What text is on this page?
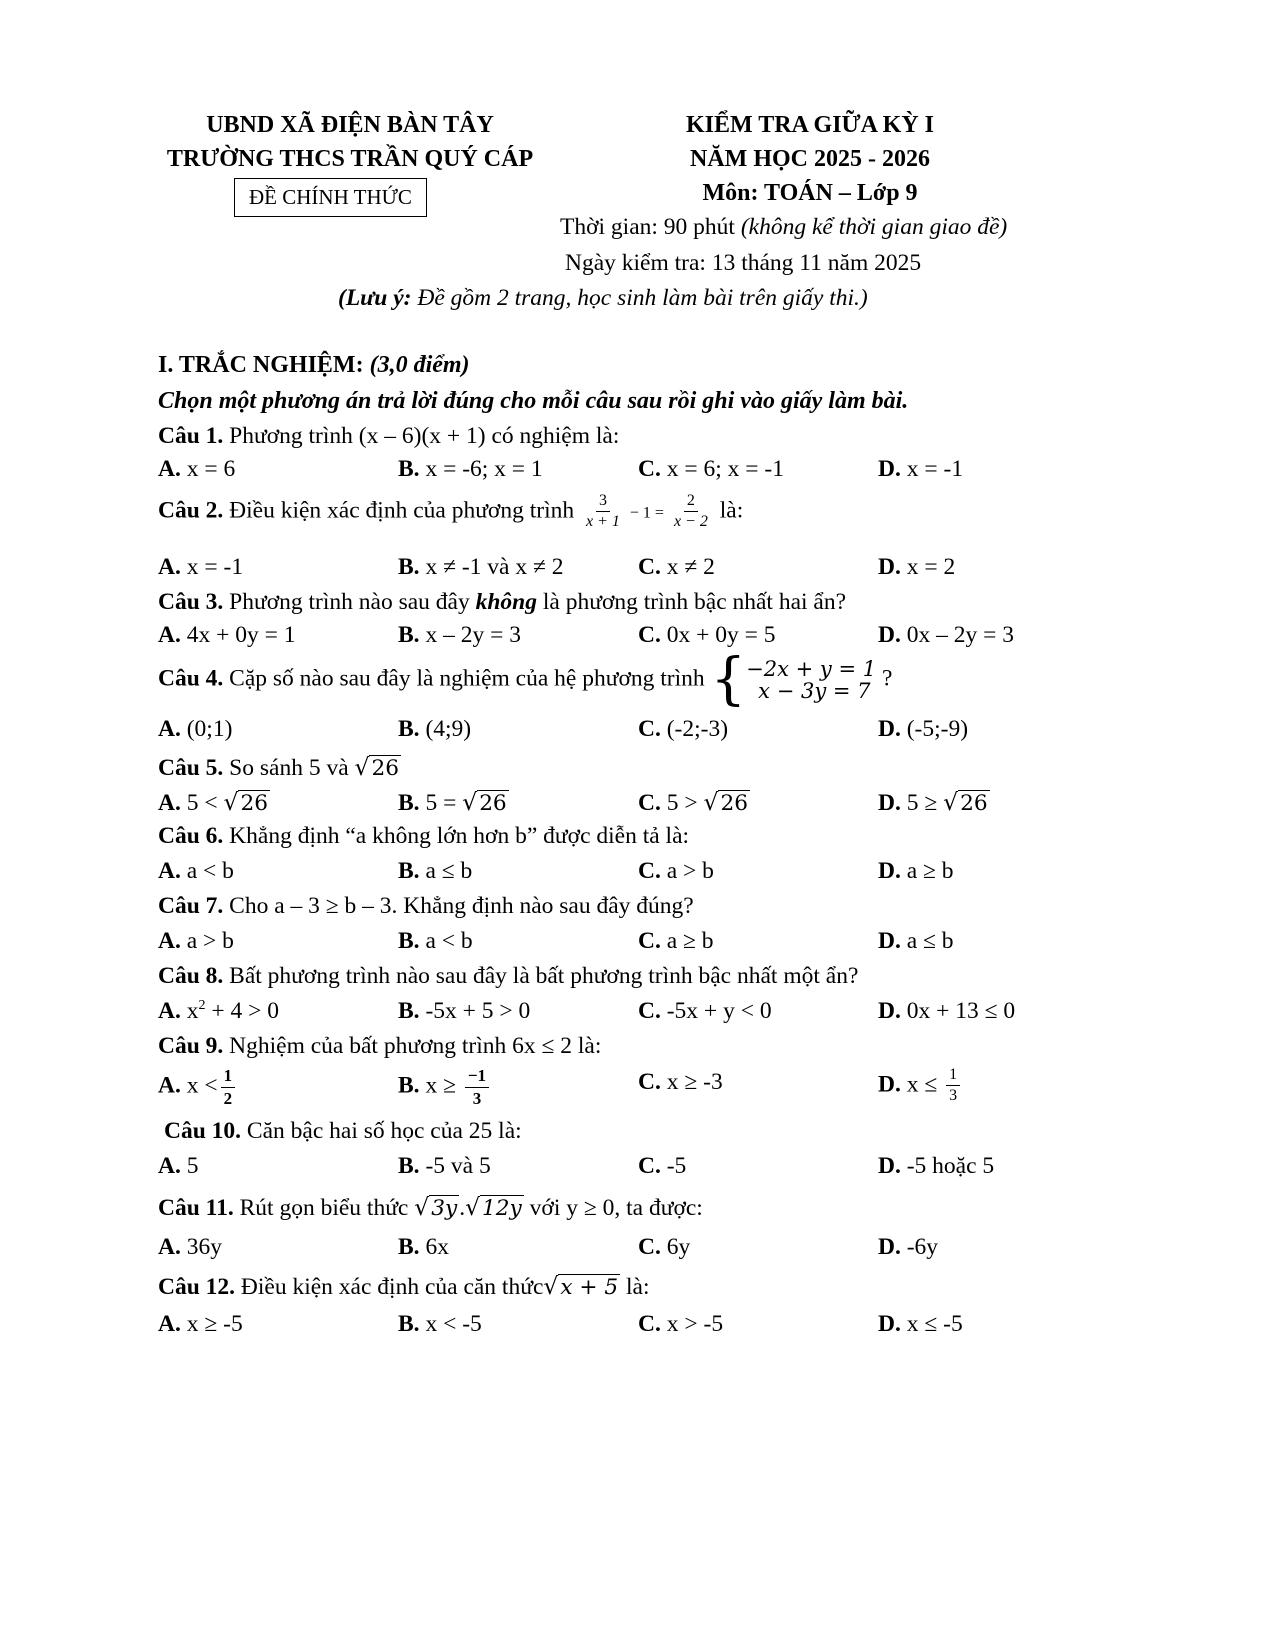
UBND XÃ ĐIỆN BÀN TÂY
TRƯỜNG THCS TRẦN QUÝ CÁP
ĐỀ CHÍNH THỨC
KIỂM TRA GIỮA KỲ I
NĂM HỌC 2025 - 2026
Môn: TOÁN – Lớp 9
Thời gian: 90 phút (không kể thời gian giao đề)
Ngày kiểm tra: 13 tháng 11 năm 2025
(Lưu ý: Đề gồm 2 trang, học sinh làm bài trên giấy thi.)
I. TRẮC NGHIỆM: (3,0 điểm)
Chọn một phương án trả lời đúng cho mỗi câu sau rồi ghi vào giấy làm bài.
Câu 1. Phương trình (x – 6)(x + 1) có nghiệm là:
A. x = 6	B. x = -6; x = 1	C. x = 6; x = -1	D. x = -1
Câu 2. Điều kiện xác định của phương trình $\frac{3}{x + 1} - 1 = \frac{2}{x - 2}$ là:
A. x = -1	B. x ≠ -1 và x ≠ 2	C. x ≠ 2	D. x = 2
Câu 3. Phương trình nào sau đây không là phương trình bậc nhất hai ẩn?
A. 4x + 0y = 1	B. x – 2y = 3	C. 0x + 0y = 5	D. 0x – 2y = 3
Câu 4. Cặp số nào sau đây là nghiệm của hệ phương trình { −2x + y = 1
x − 3y = 7 ?
A. (0;1)	B. (4;9)	C. (-2;-3)	D. (-5;-9)
Câu 5. So sánh 5 và √26
A. 5 < √26	B. 5 = √26	C. 5 > √26	D. 5 ≥ √26
Câu 6. Khẳng định “a không lớn hơn b” được diễn tả là:
A. a < b	B. a ≤ b	C. a > b	D. a ≥ b
Câu 7. Cho a – 3 ≥ b – 3. Khẳng định nào sau đây đúng?
A. a > b	B. a < b	C. a ≥ b	D. a ≤ b
Câu 8. Bất phương trình nào sau đây là bất phương trình bậc nhất một ẩn?
A. $x^2 + 4 > 0$	B. -5x + 5 > 0	C. -5x + y < 0	D. 0x + 13 ≤ 0
Câu 9. Nghiệm của bất phương trình 6x ≤ 2 là:
A. $x < \frac{1}{2}$	B. $x \ge \frac{-1}{3}$	C. x ≥ -3	D. $x \le \frac{1}{3}$
Câu 10. Căn bậc hai số học của 25 là:
A. 5	B. -5 và 5	C. -5	D. -5 hoặc 5
Câu 11. Rút gọn biểu thức √3y.√12y với y ≥ 0, ta được:
A. 36y	B. 6x	C. 6y	D. -6y
Câu 12. Điều kiện xác định của căn thức√x + 5 là:
A. x ≥ -5	B. x < -5	C. x > -5	D. x ≤ -5
